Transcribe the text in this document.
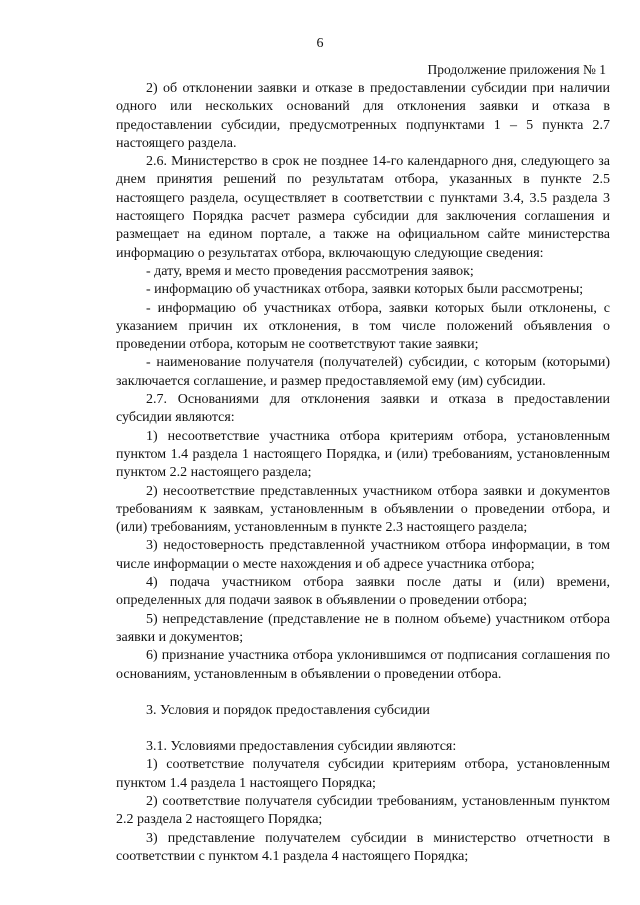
6
Продолжение приложения № 1

2) об отклонении заявки и отказе в предоставлении субсидии при наличии одного или нескольких оснований для отклонения заявки и отказа в предоставлении субсидии, предусмотренных подпунктами 1 – 5 пункта 2.7 настоящего раздела.

2.6. Министерство в срок не позднее 14-го календарного дня, следующего за днем принятия решений по результатам отбора, указанных в пункте 2.5 настоящего раздела, осуществляет в соответствии с пунктами 3.4, 3.5 раздела 3 настоящего Порядка расчет размера субсидии для заключения соглашения и размещает на едином портале, а также на официальном сайте министерства информацию о результатах отбора, включающую следующие сведения:

- дату, время и место проведения рассмотрения заявок;

- информацию об участниках отбора, заявки которых были рассмотрены;

- информацию об участниках отбора, заявки которых были отклонены, с указанием причин их отклонения, в том числе положений объявления о проведении отбора, которым не соответствуют такие заявки;

- наименование получателя (получателей) субсидии, с которым (которыми) заключается соглашение, и размер предоставляемой ему (им) субсидии.

2.7. Основаниями для отклонения заявки и отказа в предоставлении субсидии являются:

1) несоответствие участника отбора критериям отбора, установленным пунктом 1.4 раздела 1 настоящего Порядка, и (или) требованиям, установленным пунктом 2.2 настоящего раздела;

2) несоответствие представленных участником отбора заявки и документов требованиям к заявкам, установленным в объявлении о проведении отбора, и (или) требованиям, установленным в пункте 2.3 настоящего раздела;

3) недостоверность представленной участником отбора информации, в том числе информации о месте нахождения и об адресе участника отбора;

4) подача участником отбора заявки после даты и (или) времени, определенных для подачи заявок в объявлении о проведении отбора;

5) непредставление (представление не в полном объеме) участником отбора заявки и документов;

6) признание участника отбора уклонившимся от подписания соглашения по основаниям, установленным в объявлении о проведении отбора.

3. Условия и порядок предоставления субсидии

3.1. Условиями предоставления субсидии являются:

1) соответствие получателя субсидии критериям отбора, установленным пунктом 1.4 раздела 1 настоящего Порядка;

2) соответствие получателя субсидии требованиям, установленным пунктом 2.2 раздела 2 настоящего Порядка;

3) представление получателем субсидии в министерство отчетности в соответствии с пунктом 4.1 раздела 4 настоящего Порядка;
